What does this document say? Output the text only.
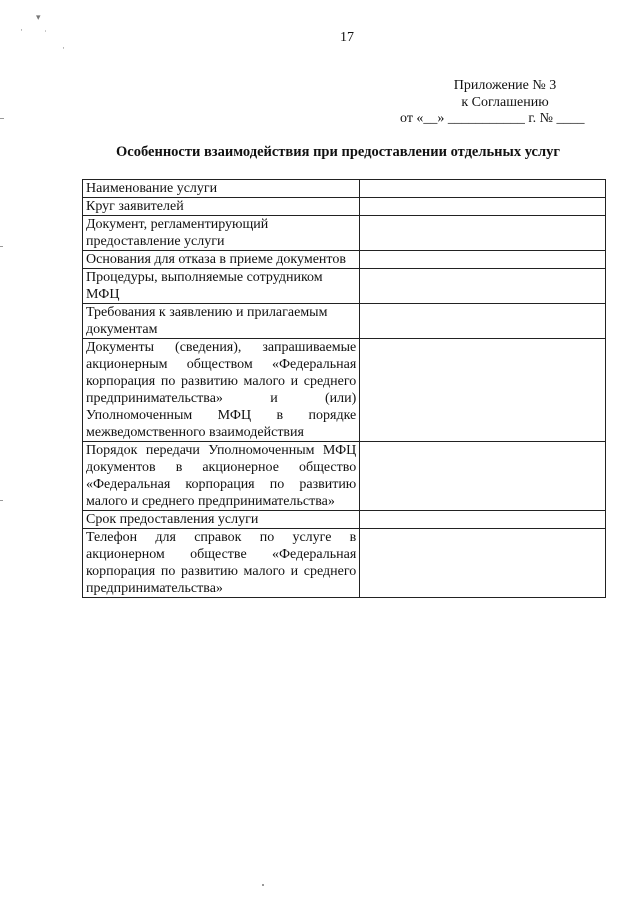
▾
· ˙
·
17
Приложение № 3
к Соглашению
от «__» ___________ г. № ____
Особенности взаимодействия при предоставлении отдельных услуг
Наименование услуги	
Круг заявителей	
Документ, регламентирующий предоставление услуги	
Основания для отказа в приеме документов	
Процедуры, выполняемые сотрудником МФЦ	
Требования к заявлению и прилагаемым документам	
Документы (сведения), запрашиваемые акционерным обществом «Федеральная корпорация по развитию малого и среднего предпринимательства» и (или) Уполномоченным МФЦ в порядке межведомственного взаимодействия	
Порядок передачи Уполномоченным МФЦ документов в акционерное общество «Федеральная корпорация по развитию малого и среднего предпринимательства»	
Срок предоставления услуги	
Телефон для справок по услуге в акционерном обществе «Федеральная корпорация по развитию малого и среднего предпринимательства»	
